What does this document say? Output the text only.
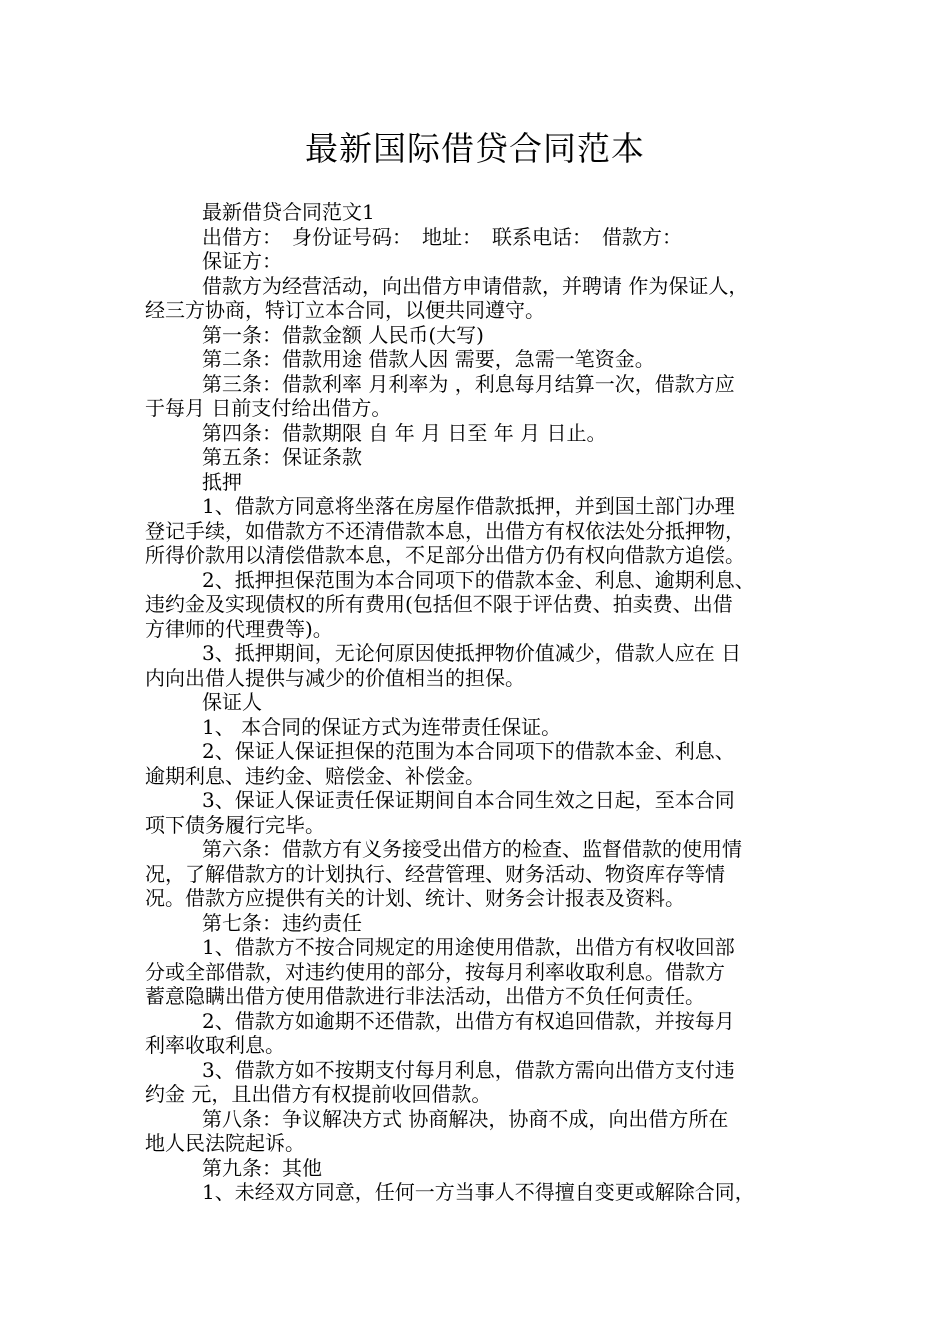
最新国际借贷合同范本
最新借贷合同范文1
出借方：　身份证号码：　地址：　联系电话：　借款方：
保证方：
借款方为经营活动，向出借方申请借款，并聘请 作为保证人，
经三方协商，特订立本合同，以便共同遵守。
第一条：借款金额 人民币(大写)
第二条：借款用途 借款人因 需要，急需一笔资金。
第三条：借款利率 月利率为 ，利息每月结算一次，借款方应
于每月 日前支付给出借方。
第四条：借款期限 自 年 月 日至 年 月 日止。
第五条：保证条款
抵押
1、借款方同意将坐落在房屋作借款抵押，并到国土部门办理
登记手续，如借款方不还清借款本息，出借方有权依法处分抵押物，
所得价款用以清偿借款本息，不足部分出借方仍有权向借款方追偿。
2、抵押担保范围为本合同项下的借款本金、利息、逾期利息、
违约金及实现债权的所有费用(包括但不限于评估费、拍卖费、出借
方律师的代理费等)。
3、抵押期间，无论何原因使抵押物价值减少，借款人应在 日
内向出借人提供与减少的价值相当的担保。
保证人
1、 本合同的保证方式为连带责任保证。
2、保证人保证担保的范围为本合同项下的借款本金、利息、
逾期利息、违约金、赔偿金、补偿金。
3、保证人保证责任保证期间自本合同生效之日起，至本合同
项下债务履行完毕。
第六条：借款方有义务接受出借方的检查、监督借款的使用情
况，了解借款方的计划执行、经营管理、财务活动、物资库存等情
况。借款方应提供有关的计划、统计、财务会计报表及资料。
第七条：违约责任
1、借款方不按合同规定的用途使用借款，出借方有权收回部
分或全部借款，对违约使用的部分，按每月利率收取利息。借款方
蓄意隐瞒出借方使用借款进行非法活动，出借方不负任何责任。
2、借款方如逾期不还借款，出借方有权追回借款，并按每月
利率收取利息。
3、借款方如不按期支付每月利息，借款方需向出借方支付违
约金 元，且出借方有权提前收回借款。
第八条：争议解决方式 协商解决，协商不成，向出借方所在
地人民法院起诉。
第九条：其他
1、未经双方同意，任何一方当事人不得擅自变更或解除合同，
